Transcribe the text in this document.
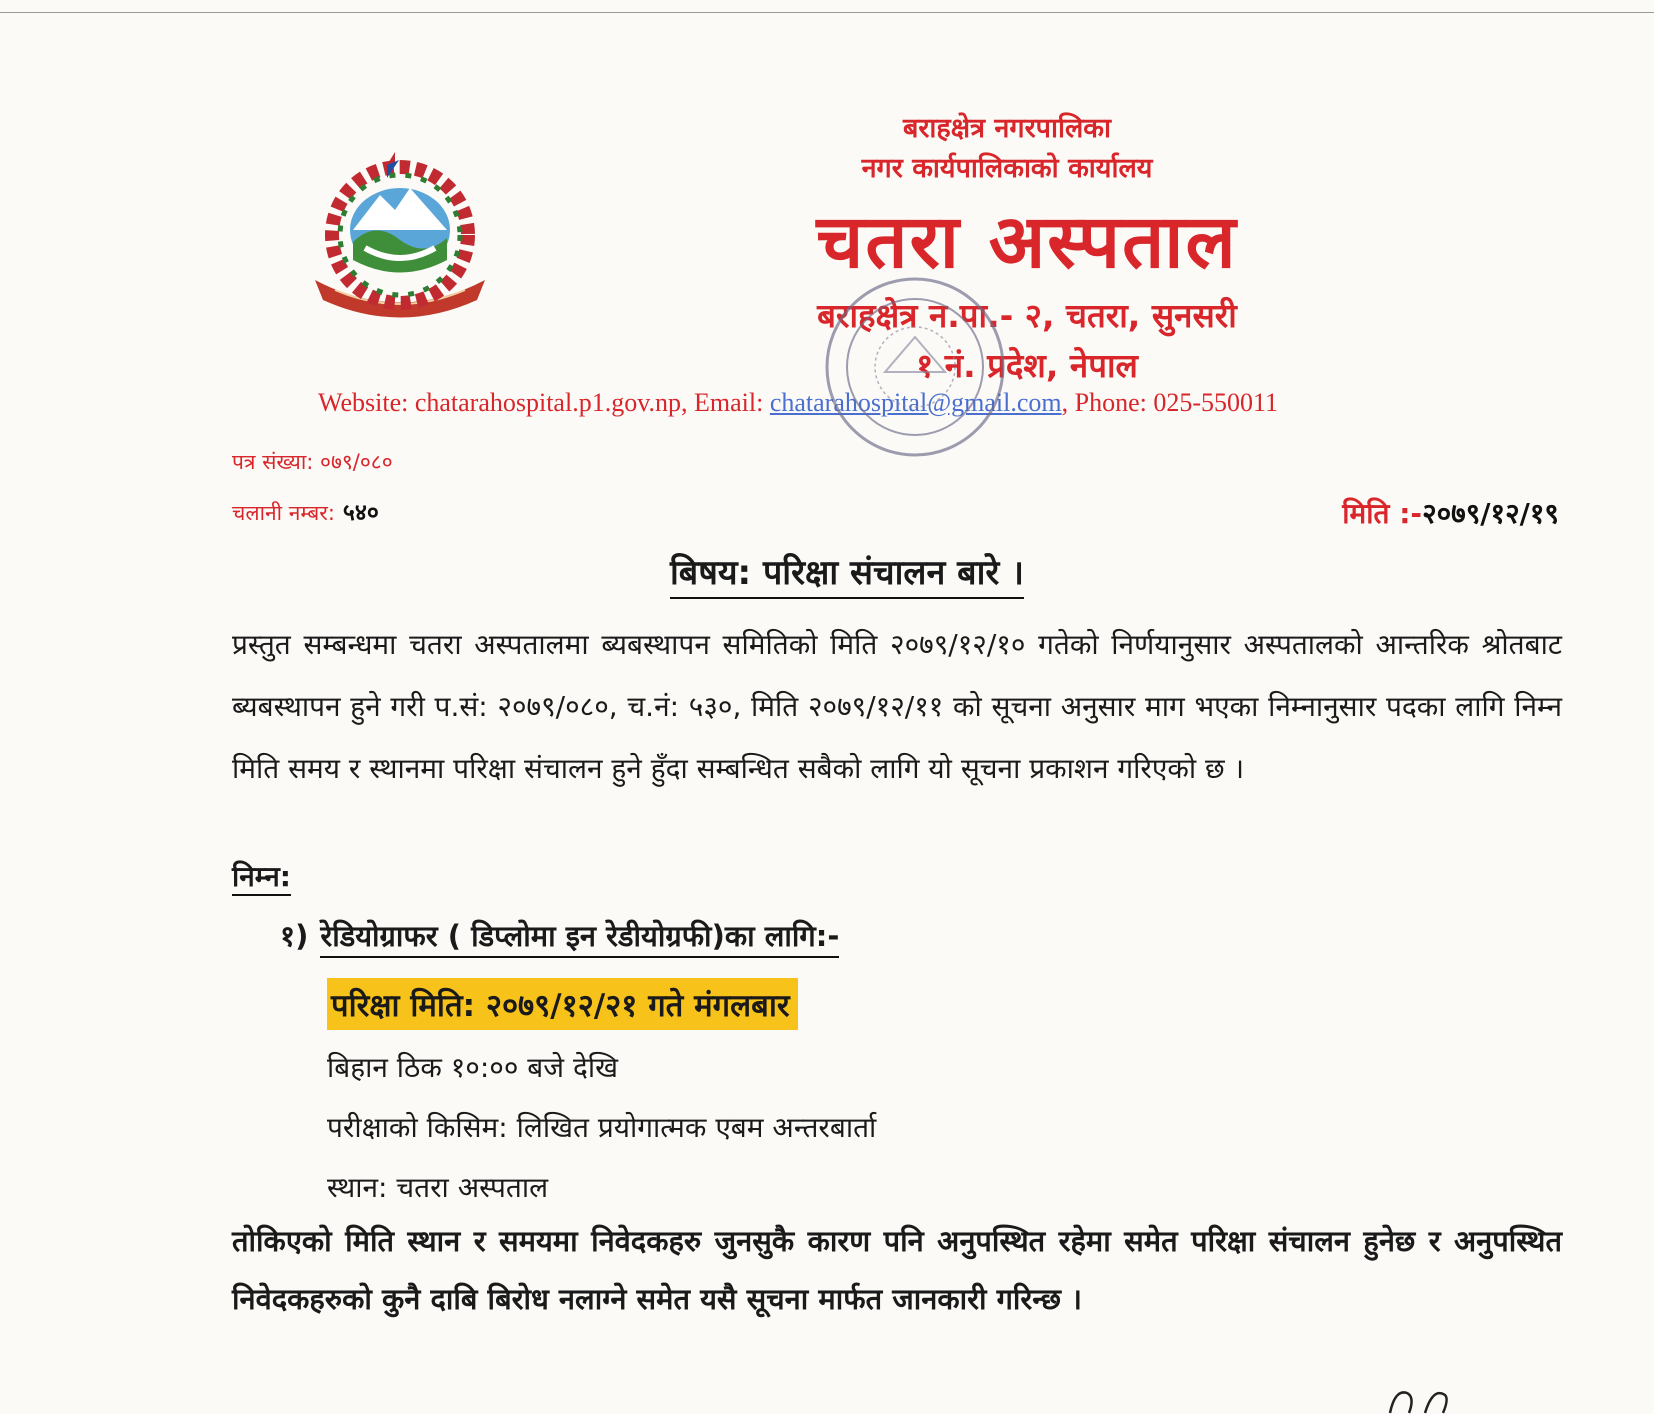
बराहक्षेत्र नगरपालिका
नगर कार्यपालिकाको कार्यालय
चतरा अस्पताल
बराहक्षेत्र न.पा.- २, चतरा, सुनसरी
१ नं. प्रदेश, नेपाल
Website: chatarahospital.p1.gov.np, Email: chatarahospital@gmail.com, Phone: 025-550011
पत्र संख्या: ०७९/०८०
चलानी नम्बर: ५४०	मिति :-२०७९/१२/१९
बिषय: परिक्षा संचालन बारे ।
प्रस्तुत सम्बन्धमा चतरा अस्पतालमा ब्यबस्थापन समितिको मिति २०७९/१२/१० गतेको निर्णयानुसार अस्पतालको आन्तरिक श्रोतबाट ब्यबस्थापन हुने गरी प.सं: २०७९/०८०, च.नं: ५३०, मिति २०७९/१२/११ को सूचना अनुसार माग भएका निम्नानुसार पदका लागि निम्न मिति समय र स्थानमा परिक्षा संचालन हुने हुँदा सम्बन्धित सबैको लागि यो सूचना प्रकाशन गरिएको छ ।
निम्न:
१) रेडियोग्राफर ( डिप्लोमा इन रेडीयोग्रफी)का लागि:-
परिक्षा मिति: २०७९/१२/२१ गते मंगलबार
बिहान ठिक १०:०० बजे देखि
परीक्षाको किसिम: लिखित प्रयोगात्मक एबम अन्तरबार्ता
स्थान: चतरा अस्पताल
तोकिएको मिति स्थान र समयमा निवेदकहरु जुनसुकै कारण पनि अनुपस्थित रहेमा समेत परिक्षा संचालन हुनेछ र अनुपस्थित निवेदकहरुको कुनै दाबि बिरोध नलाग्ने समेत यसै सूचना मार्फत जानकारी गरिन्छ ।
